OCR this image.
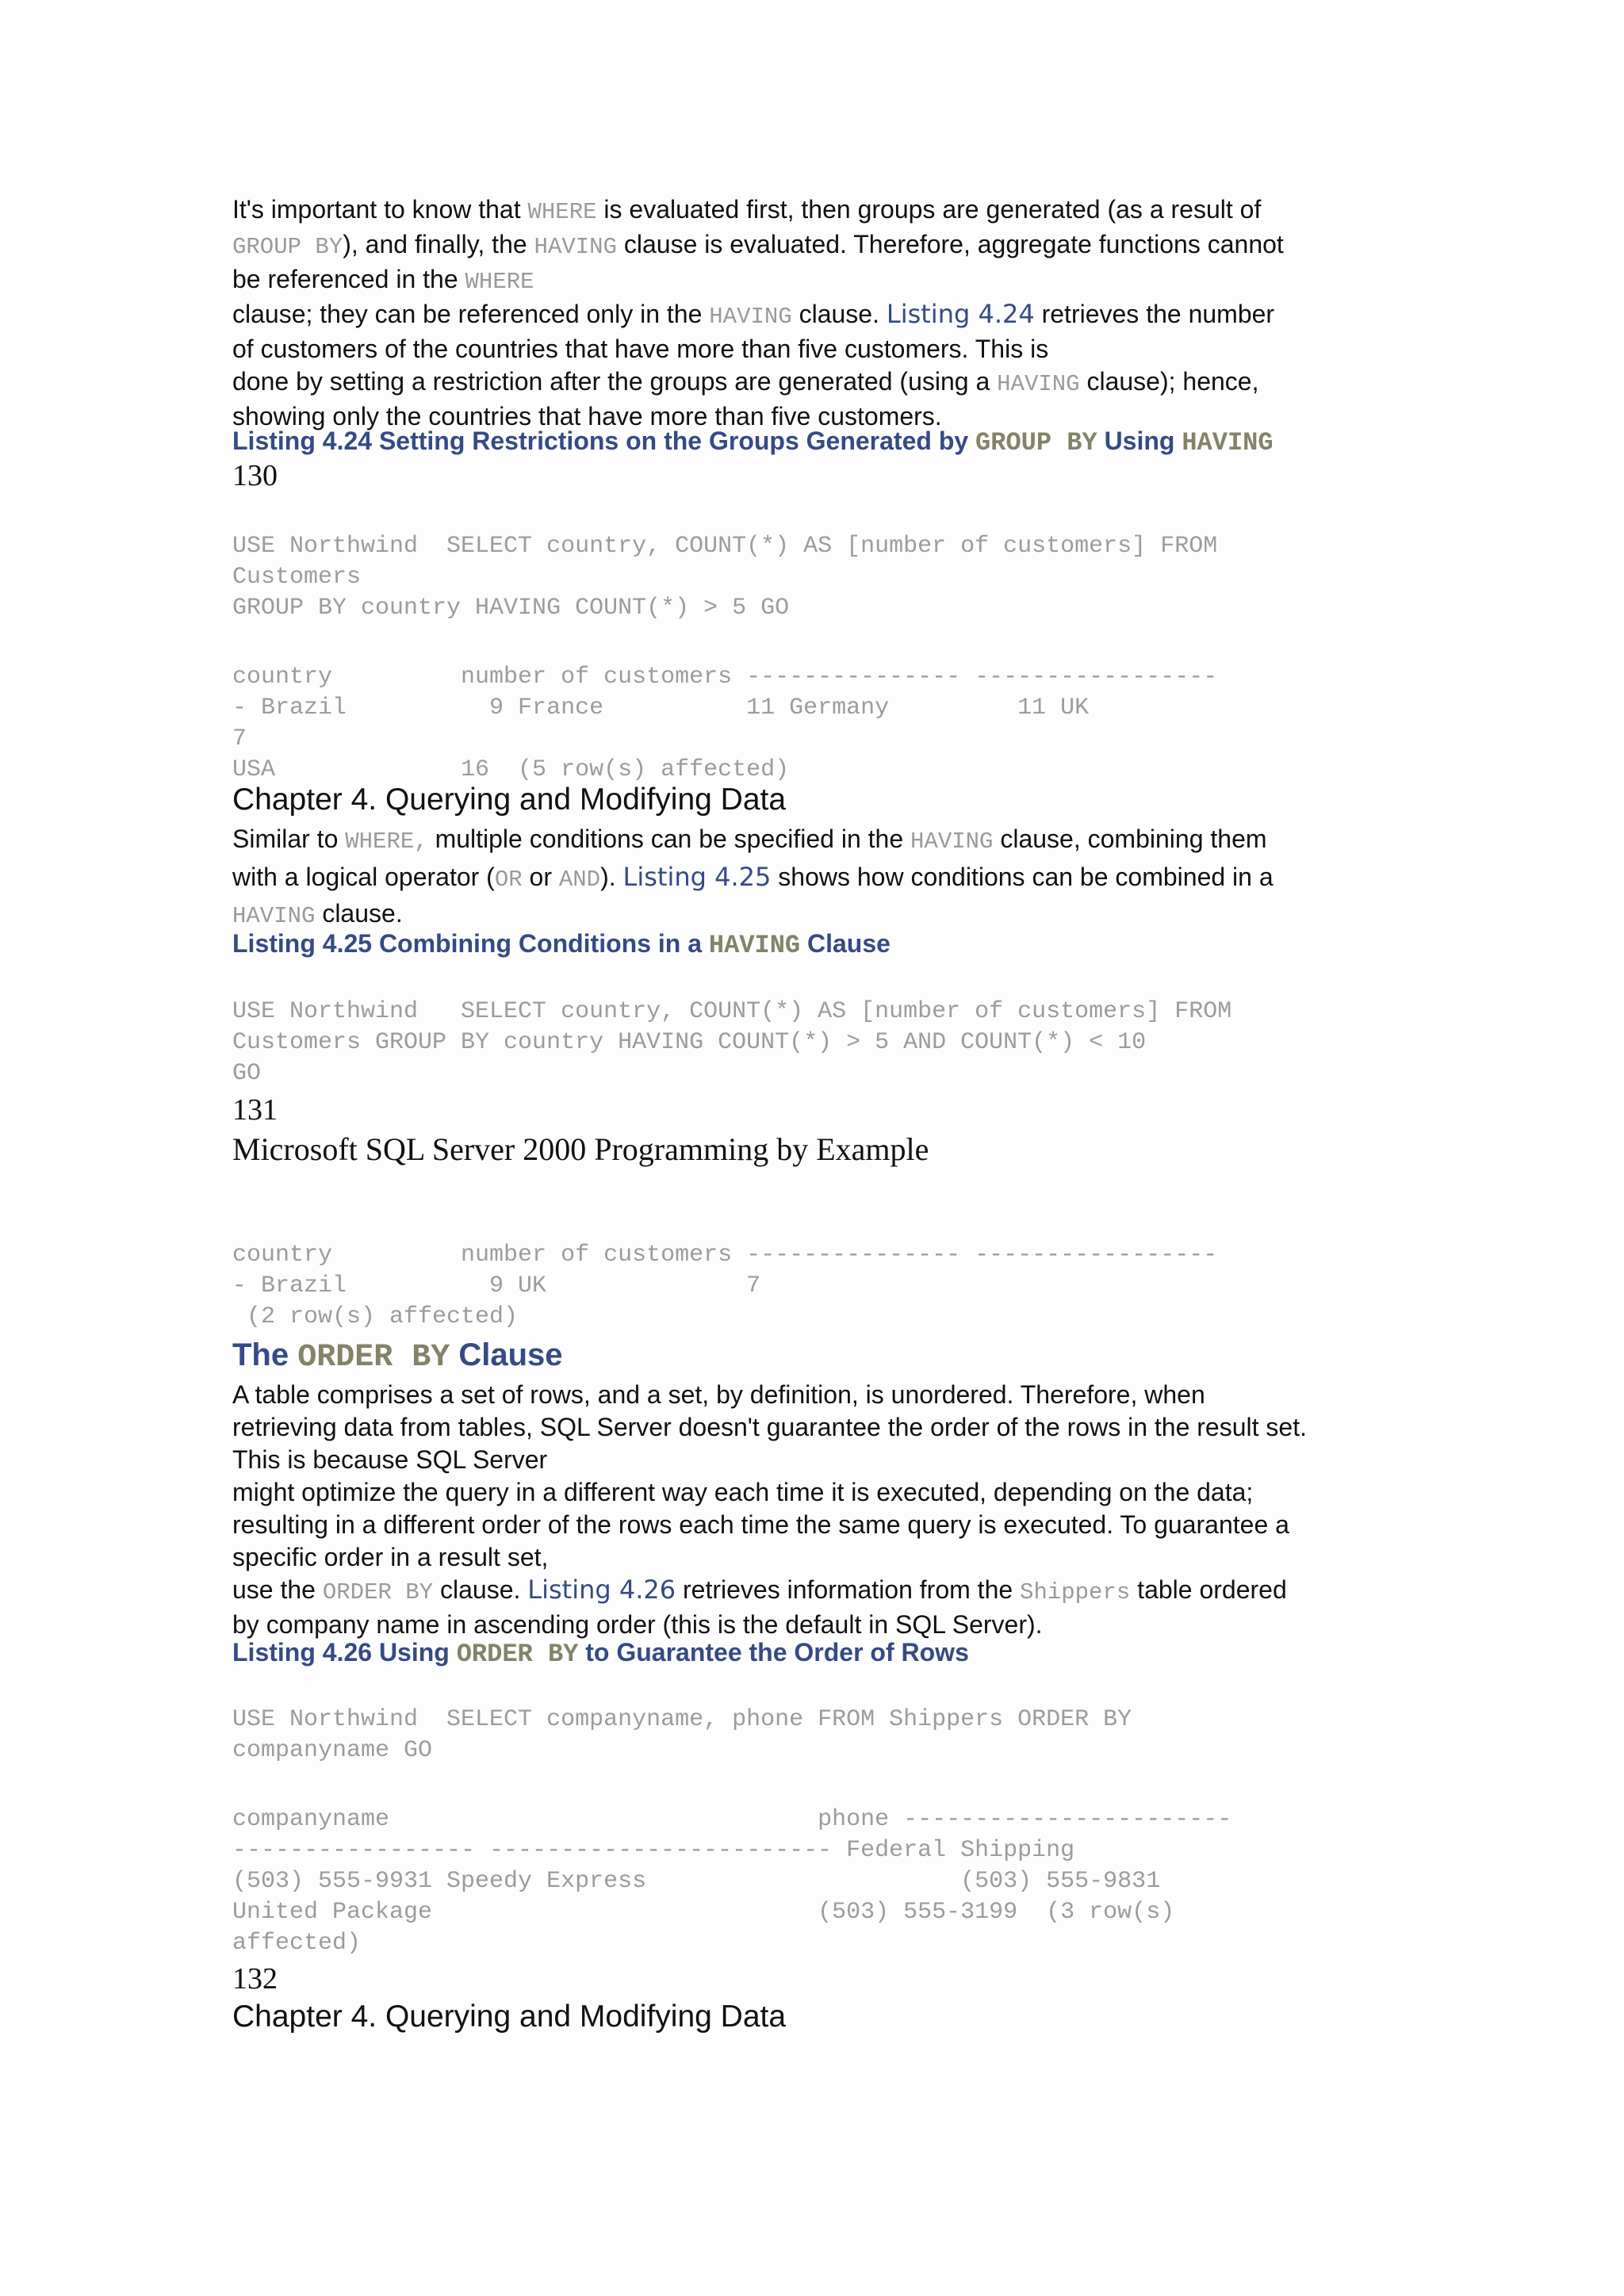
It's important to know that WHERE is evaluated first, then groups are generated (as a result of

GROUP BY), and finally, the HAVING clause is evaluated. Therefore, aggregate functions cannot

be referenced in the WHERE

clause; they can be referenced only in the HAVING clause. Listing 4.24 retrieves the number

of customers of the countries that have more than five customers. This is

done by setting a restriction after the groups are generated (using a HAVING clause); hence,

showing only the countries that have more than five customers.

Listing 4.24 Setting Restrictions on the Groups Generated by GROUP BY Using HAVING

130

USE Northwind  SELECT country, COUNT(*) AS [number of customers] FROM
Customers
GROUP BY country HAVING COUNT(*) > 5 GO
country         number of customers --------------- -----------------
- Brazil          9 France          11 Germany         11 UK
7
USA             16  (5 row(s) affected)

Chapter 4. Querying and Modifying Data

Similar to WHERE, multiple conditions can be specified in the HAVING clause, combining them

with a logical operator (OR or AND). Listing 4.25 shows how conditions can be combined in a

HAVING clause.

Listing 4.25 Combining Conditions in a HAVING Clause

USE Northwind   SELECT country, COUNT(*) AS [number of customers] FROM
Customers GROUP BY country HAVING COUNT(*) > 5 AND COUNT(*) < 10
GO

131

Microsoft SQL Server 2000 Programming by Example

country         number of customers --------------- -----------------
- Brazil          9 UK              7
(2 row(s) affected)

The ORDER BY Clause

A table comprises a set of rows, and a set, by definition, is unordered. Therefore, when

retrieving data from tables, SQL Server doesn't guarantee the order of the rows in the result set.

This is because SQL Server

might optimize the query in a different way each time it is executed, depending on the data;

resulting in a different order of the rows each time the same query is executed. To guarantee a

specific order in a result set,

use the ORDER BY clause. Listing 4.26 retrieves information from the Shippers table ordered

by company name in ascending order (this is the default in SQL Server).

Listing 4.26 Using ORDER BY to Guarantee the Order of Rows

USE Northwind  SELECT companyname, phone FROM Shippers ORDER BY
companyname GO
companyname                              phone -----------------------
----------------- ------------------------ Federal Shipping
(503) 555-9931 Speedy Express                      (503) 555-9831
United Package                           (503) 555-3199  (3 row(s)
affected)

132

Chapter 4. Querying and Modifying Data
